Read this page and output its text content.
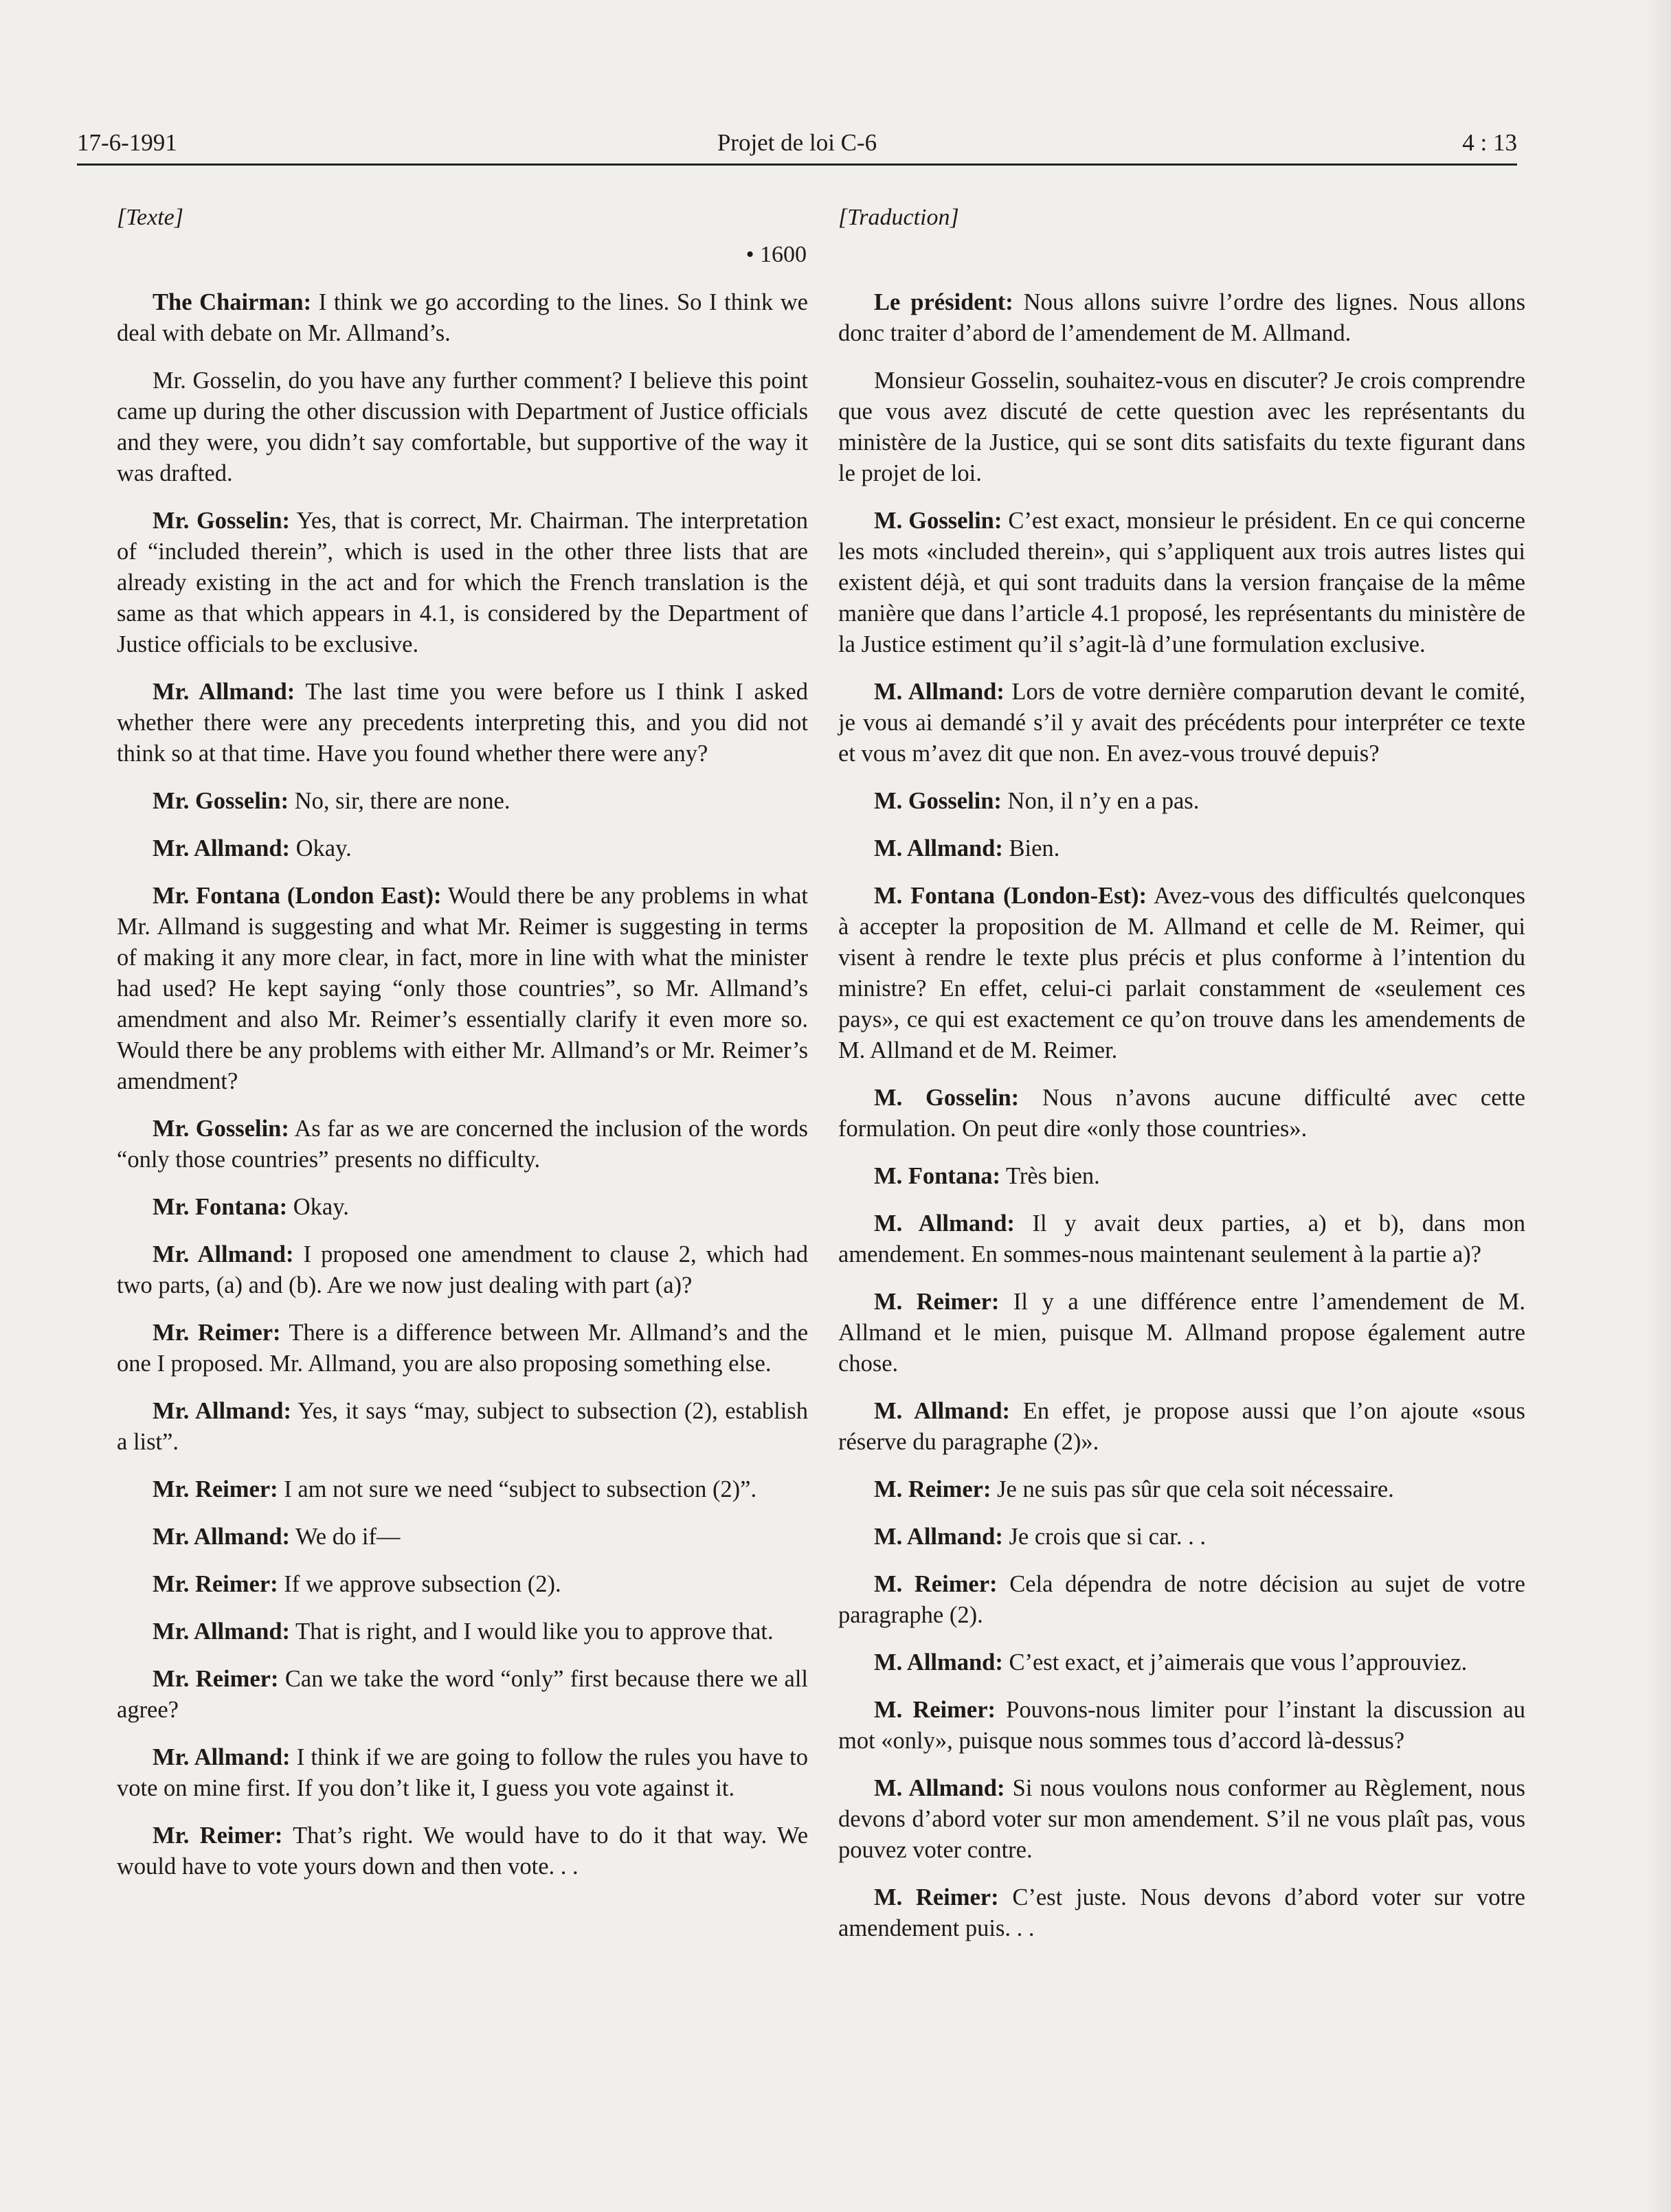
17-6-1991	Projet de loi C-6	4 : 13
[Texte]
• 1600

The Chairman: I think we go according to the lines. So I think we deal with debate on Mr. Allmand’s.

Mr. Gosselin, do you have any further comment? I believe this point came up during the other discussion with Department of Justice officials and they were, you didn’t say comfortable, but supportive of the way it was drafted.

Mr. Gosselin: Yes, that is correct, Mr. Chairman. The interpretation of “included therein”, which is used in the other three lists that are already existing in the act and for which the French translation is the same as that which appears in 4.1, is considered by the Department of Justice officials to be exclusive.

Mr. Allmand: The last time you were before us I think I asked whether there were any precedents interpreting this, and you did not think so at that time. Have you found whether there were any?

Mr. Gosselin: No, sir, there are none.

Mr. Allmand: Okay.

Mr. Fontana (London East): Would there be any problems in what Mr. Allmand is suggesting and what Mr. Reimer is suggesting in terms of making it any more clear, in fact, more in line with what the minister had used? He kept saying “only those countries”, so Mr. Allmand’s amendment and also Mr. Reimer’s essentially clarify it even more so. Would there be any problems with either Mr. Allmand’s or Mr. Reimer’s amendment?

Mr. Gosselin: As far as we are concerned the inclusion of the words “only those countries” presents no difficulty.

Mr. Fontana: Okay.

Mr. Allmand: I proposed one amendment to clause 2, which had two parts, (a) and (b). Are we now just dealing with part (a)?

Mr. Reimer: There is a difference between Mr. Allmand’s and the one I proposed. Mr. Allmand, you are also proposing something else.

Mr. Allmand: Yes, it says “may, subject to subsection (2), establish a list”.

Mr. Reimer: I am not sure we need “subject to subsection (2)”.

Mr. Allmand: We do if—

Mr. Reimer: If we approve subsection (2).

Mr. Allmand: That is right, and I would like you to approve that.

Mr. Reimer: Can we take the word “only” first because there we all agree?

Mr. Allmand: I think if we are going to follow the rules you have to vote on mine first. If you don’t like it, I guess you vote against it.

Mr. Reimer: That’s right. We would have to do it that way. We would have to vote yours down and then vote. . .

[Traduction]

Le président: Nous allons suivre l’ordre des lignes. Nous allons donc traiter d’abord de l’amendement de M. Allmand.

Monsieur Gosselin, souhaitez-vous en discuter? Je crois comprendre que vous avez discuté de cette question avec les représentants du ministère de la Justice, qui se sont dits satisfaits du texte figurant dans le projet de loi.

M. Gosselin: C’est exact, monsieur le président. En ce qui concerne les mots «included therein», qui s’appliquent aux trois autres listes qui existent déjà, et qui sont traduits dans la version française de la même manière que dans l’article 4.1 proposé, les représentants du ministère de la Justice estiment qu’il s’agit-là d’une formulation exclusive.

M. Allmand: Lors de votre dernière comparution devant le comité, je vous ai demandé s’il y avait des précédents pour interpréter ce texte et vous m’avez dit que non. En avez-vous trouvé depuis?

M. Gosselin: Non, il n’y en a pas.

M. Allmand: Bien.

M. Fontana (London-Est): Avez-vous des difficultés quelconques à accepter la proposition de M. Allmand et celle de M. Reimer, qui visent à rendre le texte plus précis et plus conforme à l’intention du ministre? En effet, celui-ci parlait constamment de «seulement ces pays», ce qui est exactement ce qu’on trouve dans les amendements de M. Allmand et de M. Reimer.

M. Gosselin: Nous n’avons aucune difficulté avec cette formulation. On peut dire «only those countries».

M. Fontana: Très bien.

M. Allmand: Il y avait deux parties, a) et b), dans mon amendement. En sommes-nous maintenant seulement à la partie a)?

M. Reimer: Il y a une différence entre l’amendement de M. Allmand et le mien, puisque M. Allmand propose également autre chose.

M. Allmand: En effet, je propose aussi que l’on ajoute «sous réserve du paragraphe (2)».

M. Reimer: Je ne suis pas sûr que cela soit nécessaire.

M. Allmand: Je crois que si car. . .

M. Reimer: Cela dépendra de notre décision au sujet de votre paragraphe (2).

M. Allmand: C’est exact, et j’aimerais que vous l’approuviez.

M. Reimer: Pouvons-nous limiter pour l’instant la discussion au mot «only», puisque nous sommes tous d’accord là-dessus?

M. Allmand: Si nous voulons nous conformer au Règlement, nous devons d’abord voter sur mon amendement. S’il ne vous plaît pas, vous pouvez voter contre.

M. Reimer: C’est juste. Nous devons d’abord voter sur votre amendement puis. . .
